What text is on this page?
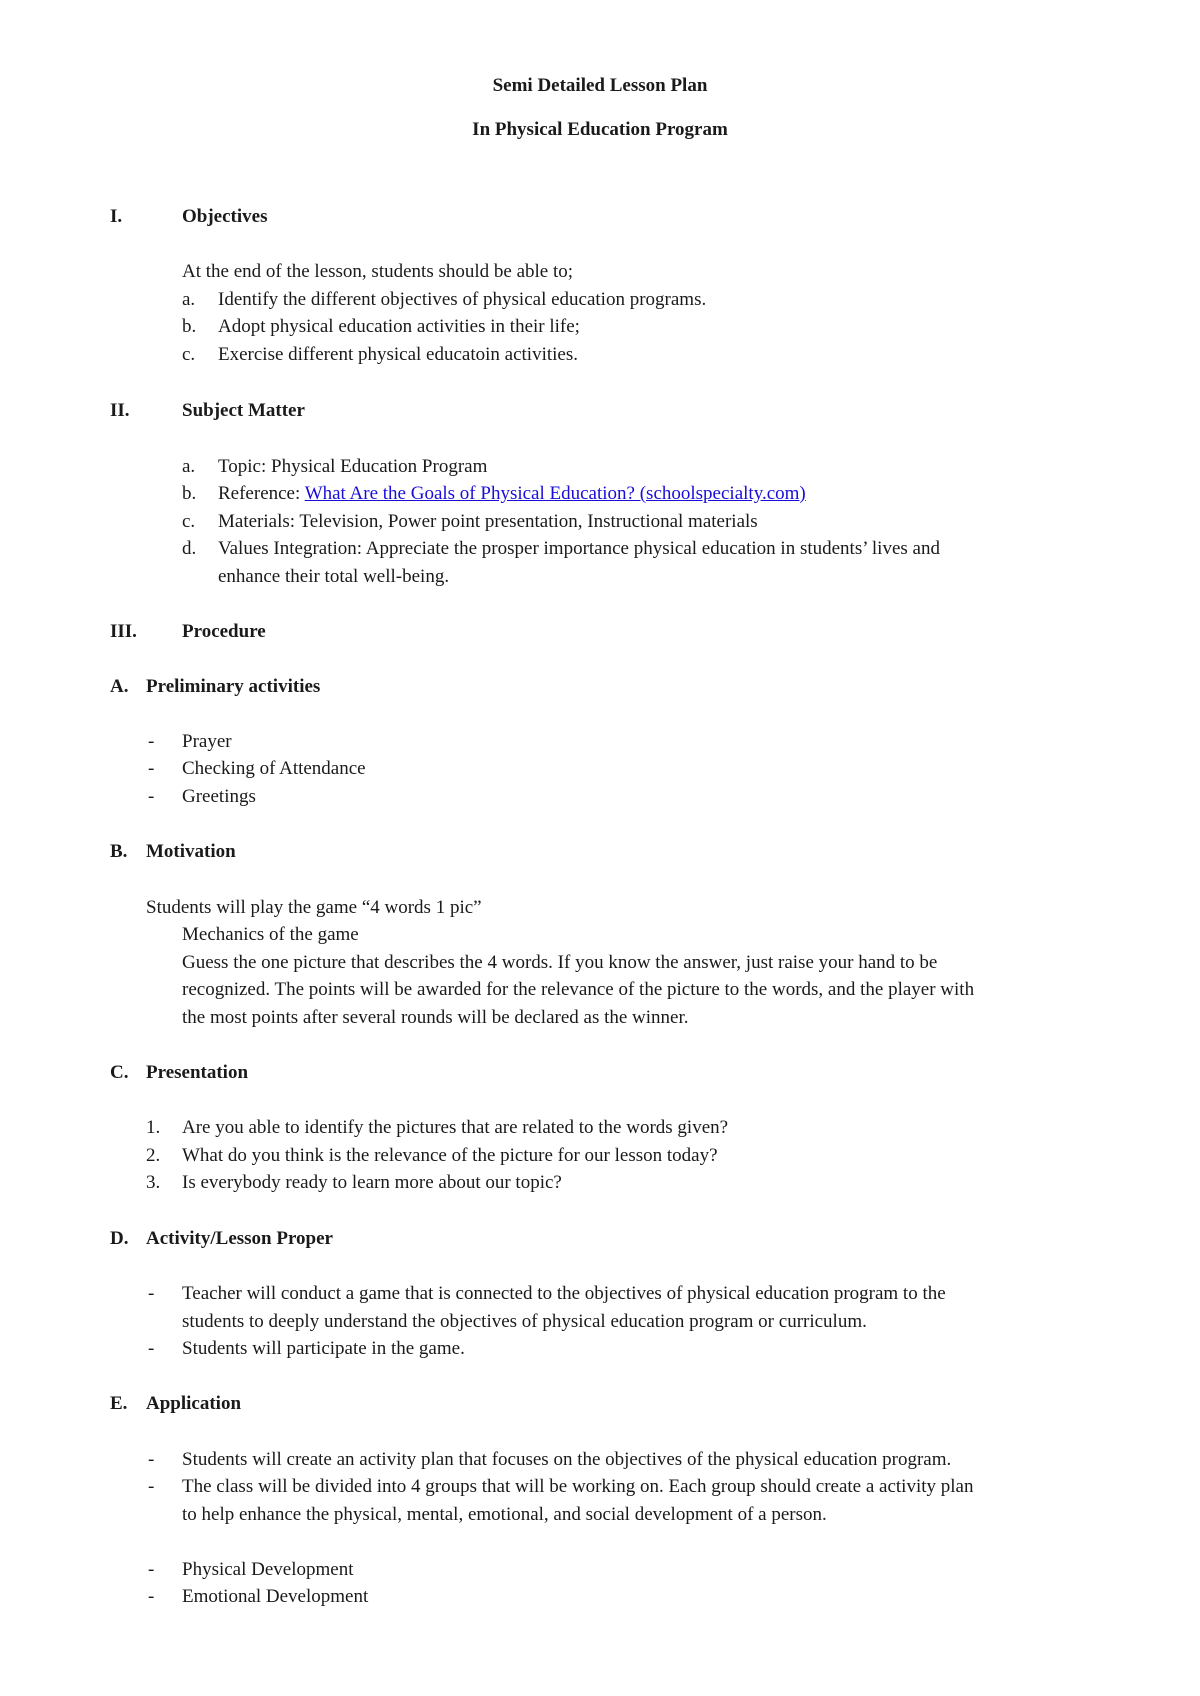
Semi Detailed Lesson Plan
In Physical Education Program
I.	Objectives
At the end of the lesson, students should be able to;
a. Identify the different objectives of physical education programs.
b. Adopt physical education activities in their life;
c. Exercise different physical educatoin activities.
II.	Subject Matter
a. Topic: Physical Education Program
b. Reference: What Are the Goals of Physical Education? (schoolspecialty.com)
c. Materials: Television, Power point presentation, Instructional materials
d. Values Integration: Appreciate the prosper importance physical education in students’ lives and
enhance their total well-being.
III. Procedure
A. Preliminary activities
- Prayer
- Checking of Attendance
- Greetings
B. Motivation
Students will play the game “4 words 1 pic”
Mechanics of the game
Guess the one picture that describes the 4 words. If you know the answer, just raise your hand to be
recognized. The points will be awarded for the relevance of the picture to the words, and the player with
the most points after several rounds will be declared as the winner.
C. Presentation
1. Are you able to identify the pictures that are related to the words given?
2. What do you think is the relevance of the picture for our lesson today?
3. Is everybody ready to learn more about our topic?
D. Activity/Lesson Proper
- Teacher will conduct a game that is connected to the objectives of physical education program to the
students to deeply understand the objectives of physical education program or curriculum.
- Students will participate in the game.
E. Application
- Students will create an activity plan that focuses on the objectives of the physical education program.
- The class will be divided into 4 groups that will be working on. Each group should create a activity plan
to help enhance the physical, mental, emotional, and social development of a person.
- Physical Development
- Emotional Development
